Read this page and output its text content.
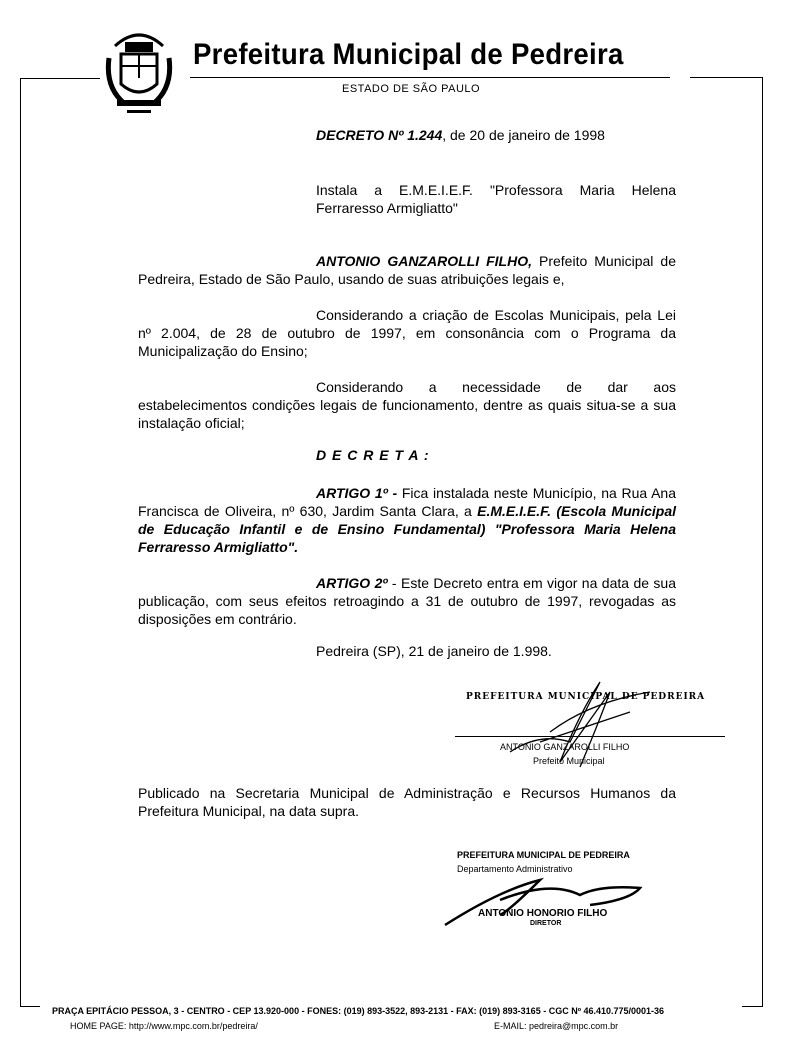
Prefeitura Municipal de Pedreira
ESTADO DE SÃO PAULO
DECRETO Nº 1.244, de 20 de janeiro de 1998
Instala a E.M.E.I.E.F. "Professora Maria Helena Ferraresso Armigliatto"
ANTONIO GANZAROLLI FILHO, Prefeito Municipal de Pedreira, Estado de São Paulo, usando de suas atribuições legais e,
Considerando a criação de Escolas Municipais, pela Lei nº 2.004, de 28 de outubro de 1997, em consonância com o Programa da Municipalização do Ensino;
Considerando a necessidade de dar aos estabelecimentos condições legais de funcionamento, dentre as quais situa-se a sua instalação oficial;
D E C R E T A :
ARTIGO 1º - Fica instalada neste Município, na Rua Ana Francisca de Oliveira, nº 630, Jardim Santa Clara, a E.M.E.I.E.F. (Escola Municipal de Educação Infantil e de Ensino Fundamental) "Professora Maria Helena Ferraresso Armigliatto".
ARTIGO 2º - Este Decreto entra em vigor na data de sua publicação, com seus efeitos retroagindo a 31 de outubro de 1997, revogadas as disposições em contrário.
Pedreira (SP), 21 de janeiro de 1.998.
PREFEITURA MUNICIPAL DE PEDREIRA
ANTONIO GANZAROLLI FILHO
Prefeito Municipal
Publicado na Secretaria Municipal de Administração e Recursos Humanos da Prefeitura Municipal, na data supra.
PREFEITURA MUNICIPAL DE PEDREIRA
Departamento Administrativo
ANTONIO HONORIO FILHO
DIRETOR
PRAÇA EPITÁCIO PESSOA, 3 - CENTRO - CEP 13.920-000 - FONES: (019) 893-3522, 893-2131 - FAX: (019) 893-3165 - CGC Nº 46.410.775/0001-36
HOME PAGE: http://www.mpc.com.br/pedreira/	E-MAIL: pedreira@mpc.com.br
